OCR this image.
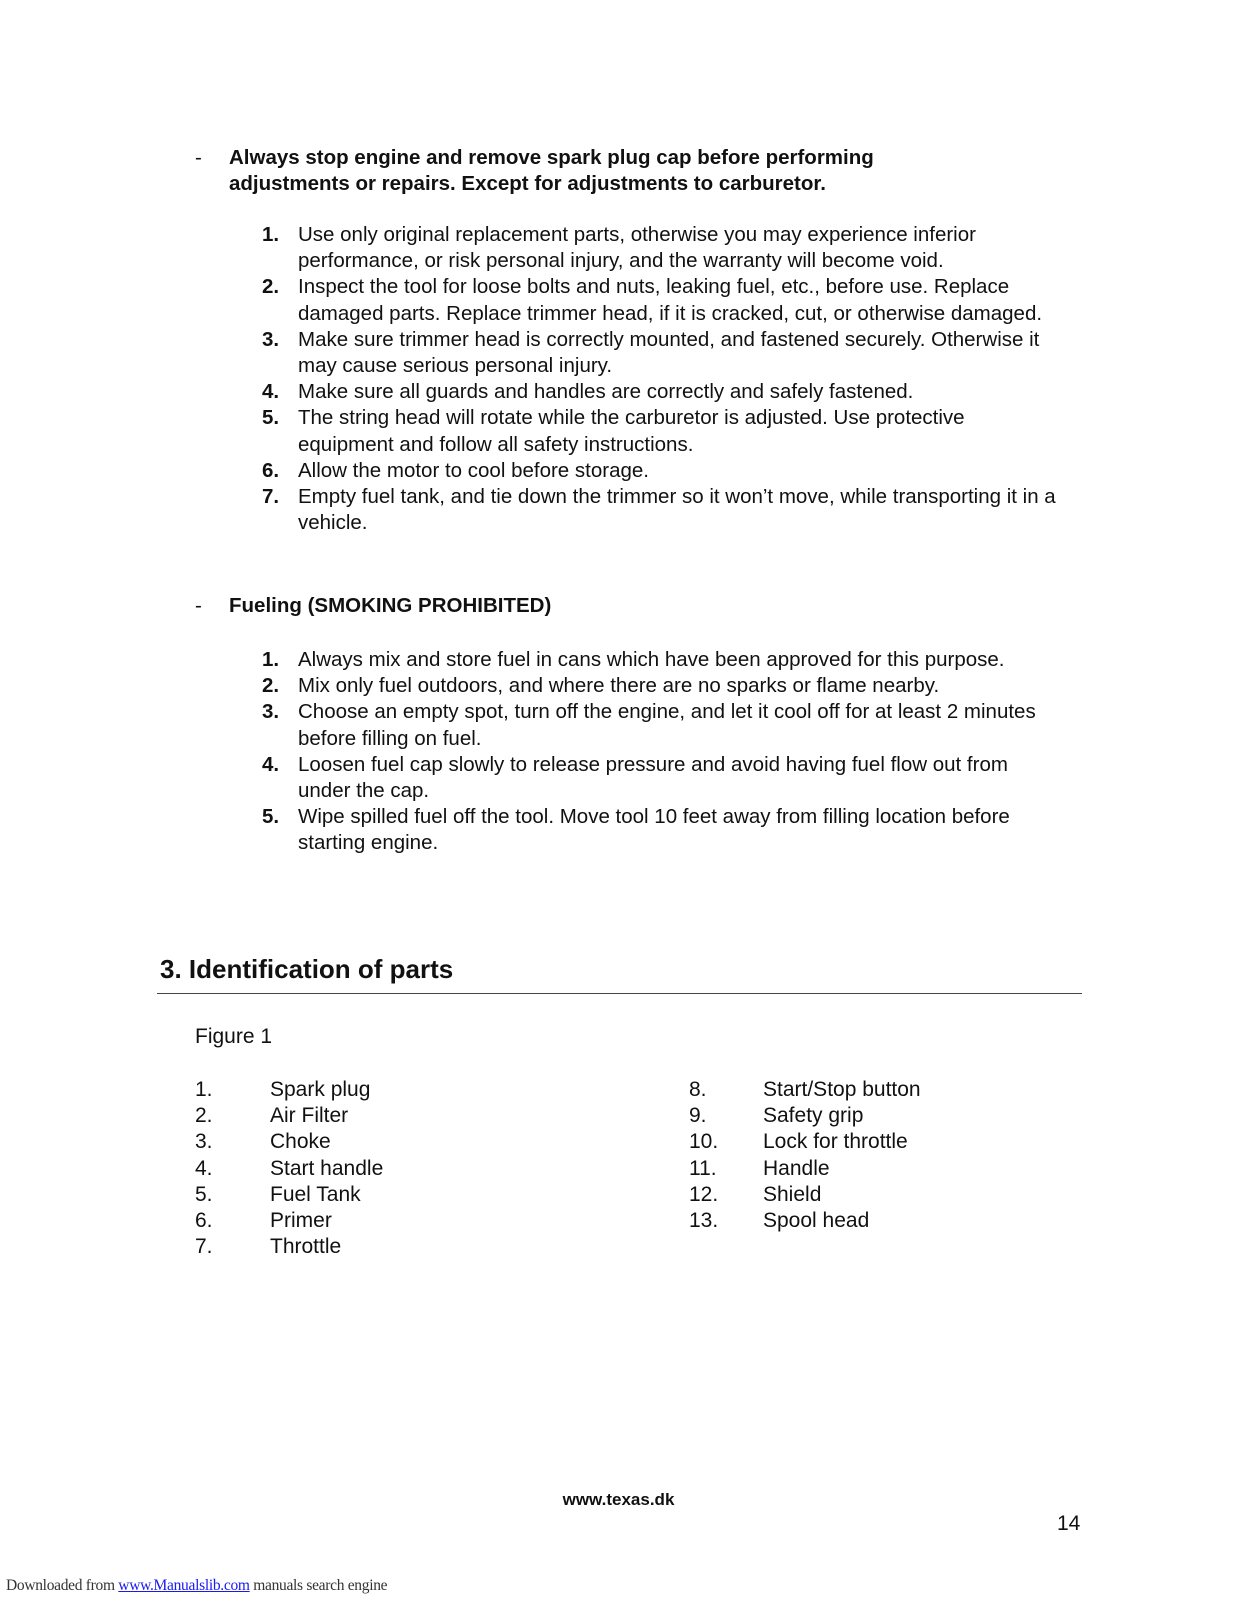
- Always stop engine and remove spark plug cap before performing
adjustments or repairs. Except for adjustments to carburetor.
1. Use only original replacement parts, otherwise you may experience inferior performance, or risk personal injury, and the warranty will become void.
2. Inspect the tool for loose bolts and nuts, leaking fuel, etc., before use. Replace damaged parts. Replace trimmer head, if it is cracked, cut, or otherwise damaged.
3. Make sure trimmer head is correctly mounted, and fastened securely. Otherwise it may cause serious personal injury.
4. Make sure all guards and handles are correctly and safely fastened.
5. The string head will rotate while the carburetor is adjusted. Use protective equipment and follow all safety instructions.
6. Allow the motor to cool before storage.
7. Empty fuel tank, and tie down the trimmer so it won’t move, while transporting it in a vehicle.
- Fueling (SMOKING PROHIBITED)
1. Always mix and store fuel in cans which have been approved for this purpose.
2. Mix only fuel outdoors, and where there are no sparks or flame nearby.
3. Choose an empty spot, turn off the engine, and let it cool off for at least 2 minutes before filling on fuel.
4. Loosen fuel cap slowly to release pressure and avoid having fuel flow out from under the cap.
5. Wipe spilled fuel off the tool. Move tool 10 feet away from filling location before starting engine.
3. Identification of parts
Figure 1
1.	Spark plug
2.	Air Filter
3.	Choke
4.	Start handle
5.	Fuel Tank
6.	Primer
7.	Throttle
8.	Start/Stop button
9.	Safety grip
10. Lock for throttle
11. Handle
12. Shield
13. Spool head
www.texas.dk
14
Downloaded from www.Manualslib.com manuals search engine
